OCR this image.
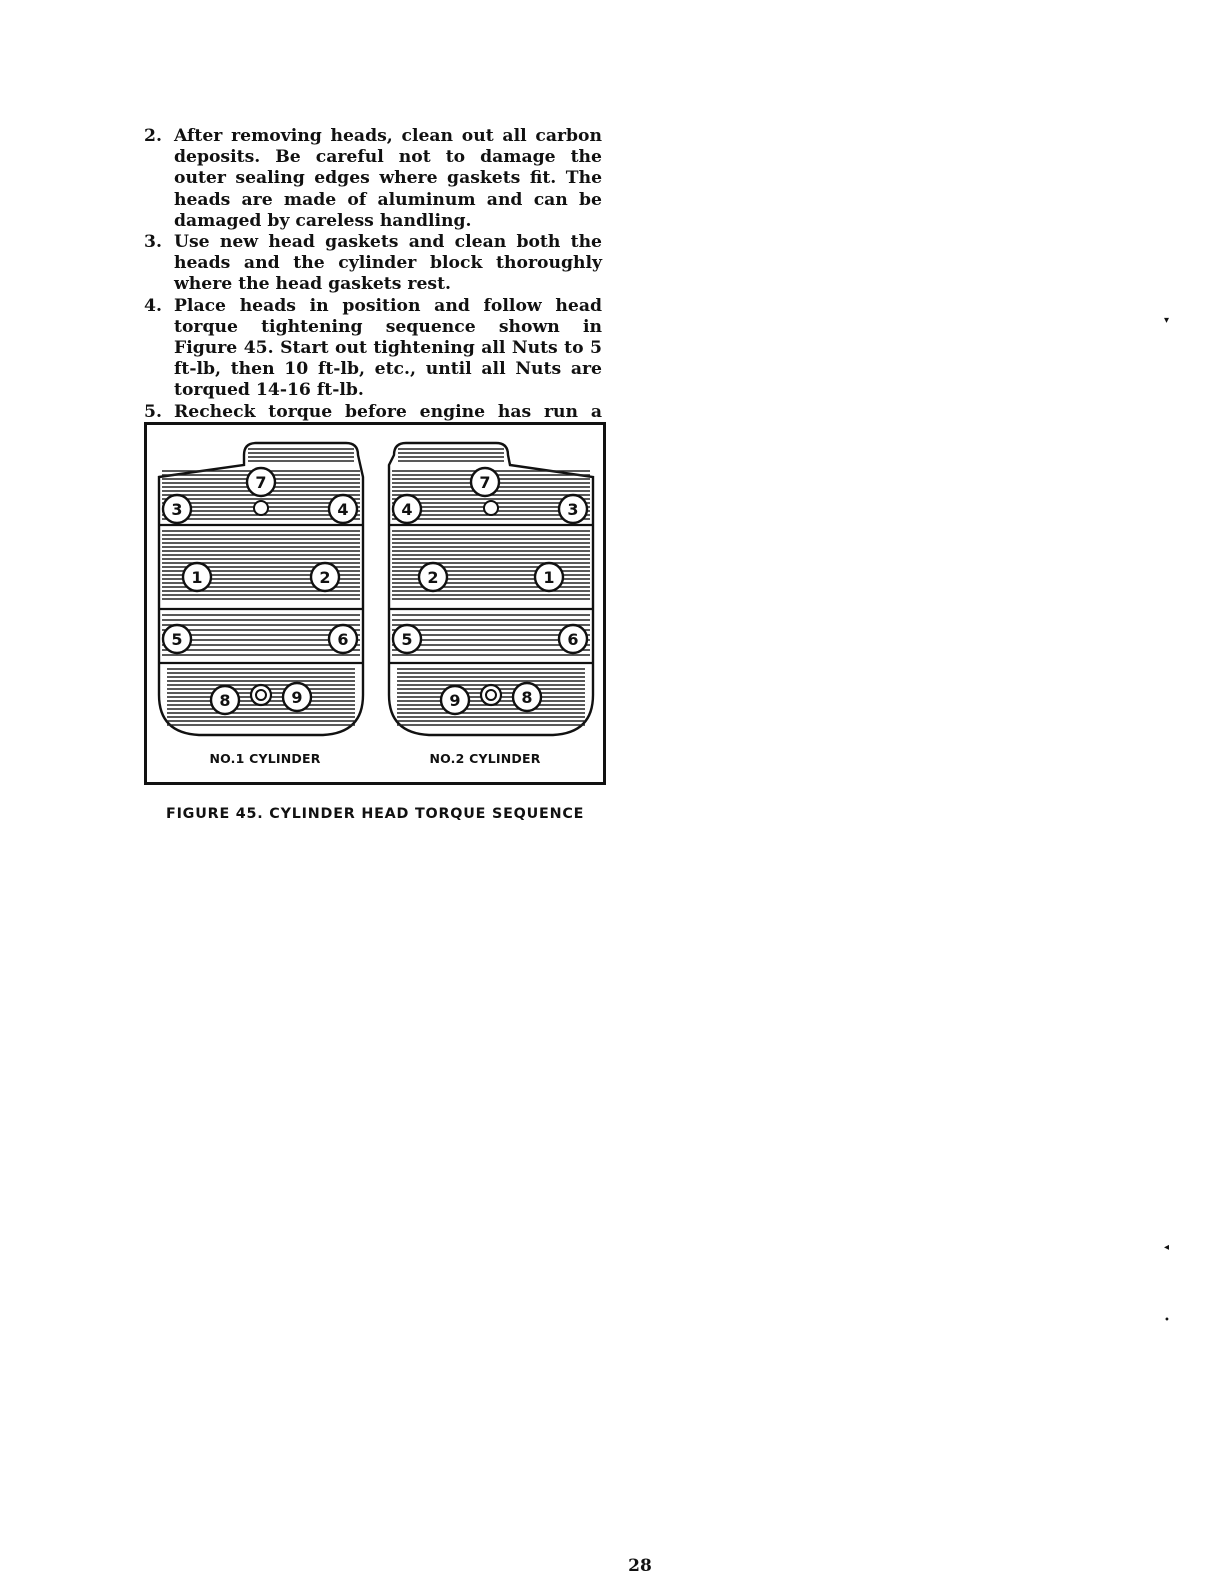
2. After removing heads, clean out all carbon deposits. Be careful not to damage the outer sealing edges where gaskets fit. The heads are made of aluminum and can be damaged by careless handling.
3. Use new head gaskets and clean both the heads and the cylinder block thoroughly where the head gaskets rest.
4. Place heads in position and follow head torque tightening sequence shown in Figure 45. Start out tightening all Nuts to 5 ft-lb, then 10 ft-lb, etc., until all Nuts are torqued 14-16 ft-lb.
5. Recheck torque before engine has run a
7
3	4
1	2
5	6
8	9
7
4	3
2	1
5	6
9	8
NO.1 CYLINDER	NO.2 CYLINDER
FIGURE 45. CYLINDER HEAD TORQUE SEQUENCE
28
▾
◂
•
